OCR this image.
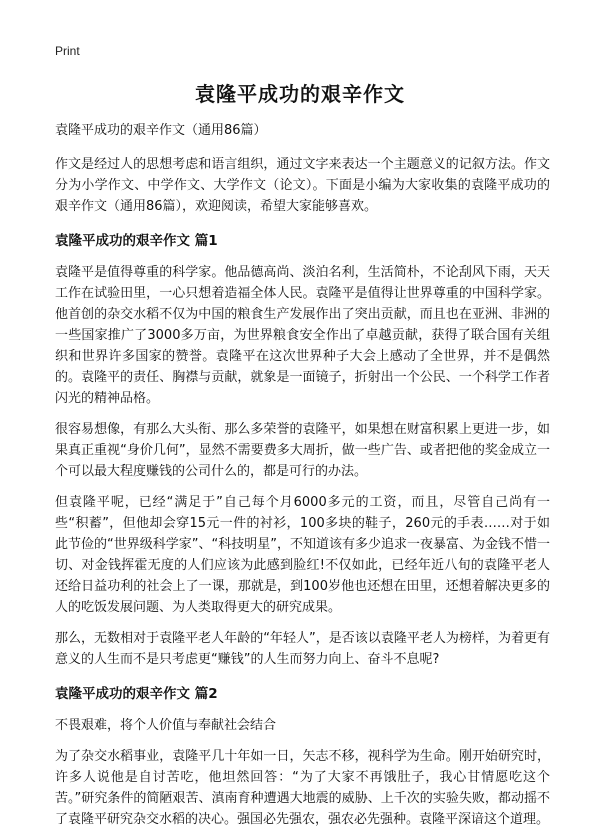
Print
袁隆平成功的艰辛作文

袁隆平成功的艰辛作文（通用86篇）

作文是经过人的思想考虑和语言组织，通过文字来表达一个主题意义的记叙方法。作文分为小学作文、中学作文、大学作文（论文）。下面是小编为大家收集的袁隆平成功的艰辛作文（通用86篇），欢迎阅读，希望大家能够喜欢。

袁隆平成功的艰辛作文 篇1

袁隆平是值得尊重的科学家。他品德高尚、淡泊名利，生活简朴，不论刮风下雨，天天工作在试验田里，一心只想着造福全体人民。袁隆平是值得让世界尊重的中国科学家。他首创的杂交水稻不仅为中国的粮食生产发展作出了突出贡献，而且也在亚洲、非洲的一些国家推广了3000多万亩，为世界粮食安全作出了卓越贡献，获得了联合国有关组织和世界许多国家的赞誉。袁隆平在这次世界种子大会上感动了全世界，并不是偶然的。袁隆平的责任、胸襟与贡献，就象是一面镜子，折射出一个公民、一个科学工作者闪光的精神品格。

很容易想像，有那么大头衔、那么多荣誉的袁隆平，如果想在财富积累上更进一步，如果真正重视“身价几何”，显然不需要费多大周折，做一些广告、或者把他的奖金成立一个可以最大程度赚钱的公司什么的，都是可行的办法。

但袁隆平呢，已经“满足于”自己每个月6000多元的工资，而且，尽管自己尚有一些“积蓄”，但他却会穿15元一件的衬衫，100多块的鞋子，260元的手表……对于如此节俭的“世界级科学家”、“科技明星”，不知道该有多少追求一夜暴富、为金钱不惜一切、对金钱挥霍无度的人们应该为此感到脸红!不仅如此，已经年近八旬的袁隆平老人还给日益功利的社会上了一课，那就是，到100岁他也还想在田里，还想着解决更多的人的吃饭发展问题、为人类取得更大的研究成果。

那么，无数相对于袁隆平老人年龄的“年轻人”，是否该以袁隆平老人为榜样，为着更有意义的人生而不是只考虑更“赚钱”的人生而努力向上、奋斗不息呢?

袁隆平成功的艰辛作文 篇2

不畏艰难，将个人价值与奉献社会结合

为了杂交水稻事业，袁隆平几十年如一日，矢志不移，视科学为生命。刚开始研究时，许多人说他是自讨苦吃，他坦然回答：“为了大家不再饿肚子，我心甘情愿吃这个苦。”研究条件的简陋艰苦、滇南育种遭遇大地震的威胁、上千次的实验失败，都动摇不了袁隆平研究杂交水稻的决心。强国必先强农，强农必先强种。袁隆平深谙这个道理。
